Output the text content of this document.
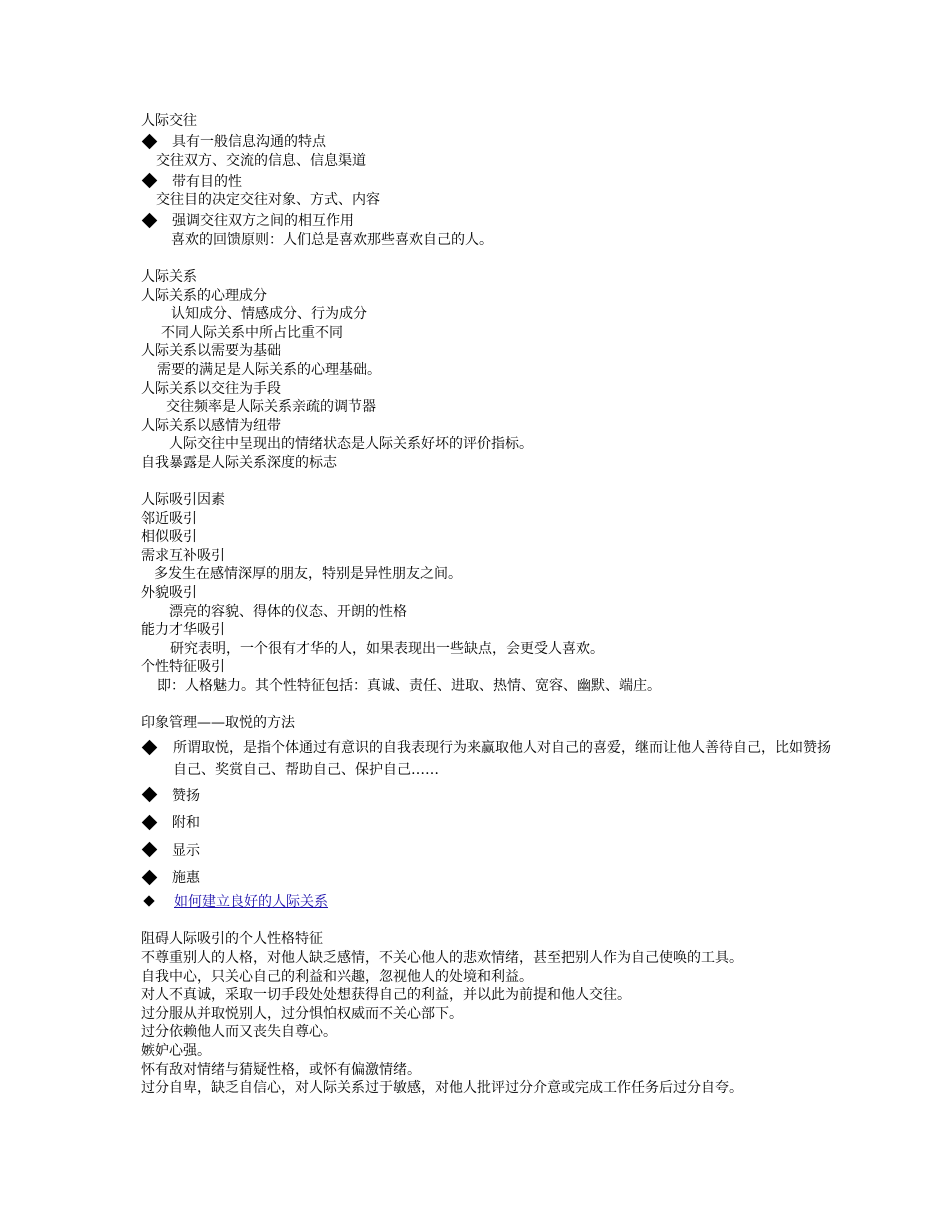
人际交往
具有一般信息沟通的特点
交往双方、交流的信息、信息渠道
带有目的性
交往目的决定交往对象、方式、内容
强调交往双方之间的相互作用
喜欢的回馈原则：人们总是喜欢那些喜欢自己的人。
人际关系
人际关系的心理成分
认知成分、情感成分、行为成分
不同人际关系中所占比重不同
人际关系以需要为基础
需要的满足是人际关系的心理基础。
人际关系以交往为手段
交往频率是人际关系亲疏的调节器
人际关系以感情为纽带
人际交往中呈现出的情绪状态是人际关系好坏的评价指标。
自我暴露是人际关系深度的标志
人际吸引因素
邻近吸引
相似吸引
需求互补吸引
多发生在感情深厚的朋友，特别是异性朋友之间。
外貌吸引
漂亮的容貌、得体的仪态、开朗的性格
能力才华吸引
研究表明，一个很有才华的人，如果表现出一些缺点，会更受人喜欢。
个性特征吸引
即：人格魅力。其个性特征包括：真诚、责任、进取、热情、宽容、幽默、端庄。
印象管理——取悦的方法
所谓取悦，是指个体通过有意识的自我表现行为来赢取他人对自己的喜爱，继而让他人善待自己，比如赞扬自己、奖赏自己、帮助自己、保护自己……
赞扬
附和
显示
施惠
如何建立良好的人际关系
阻碍人际吸引的个人性格特征
不尊重别人的人格，对他人缺乏感情，不关心他人的悲欢情绪，甚至把别人作为自己使唤的工具。
自我中心，只关心自己的利益和兴趣，忽视他人的处境和利益。
对人不真诚，采取一切手段处处想获得自己的利益，并以此为前提和他人交往。
过分服从并取悦别人，过分惧怕权威而不关心部下。
过分依赖他人而又丧失自尊心。
嫉妒心强。
怀有敌对情绪与猜疑性格，或怀有偏激情绪。
过分自卑，缺乏自信心，对人际关系过于敏感，对他人批评过分介意或完成工作任务后过分自夸。
